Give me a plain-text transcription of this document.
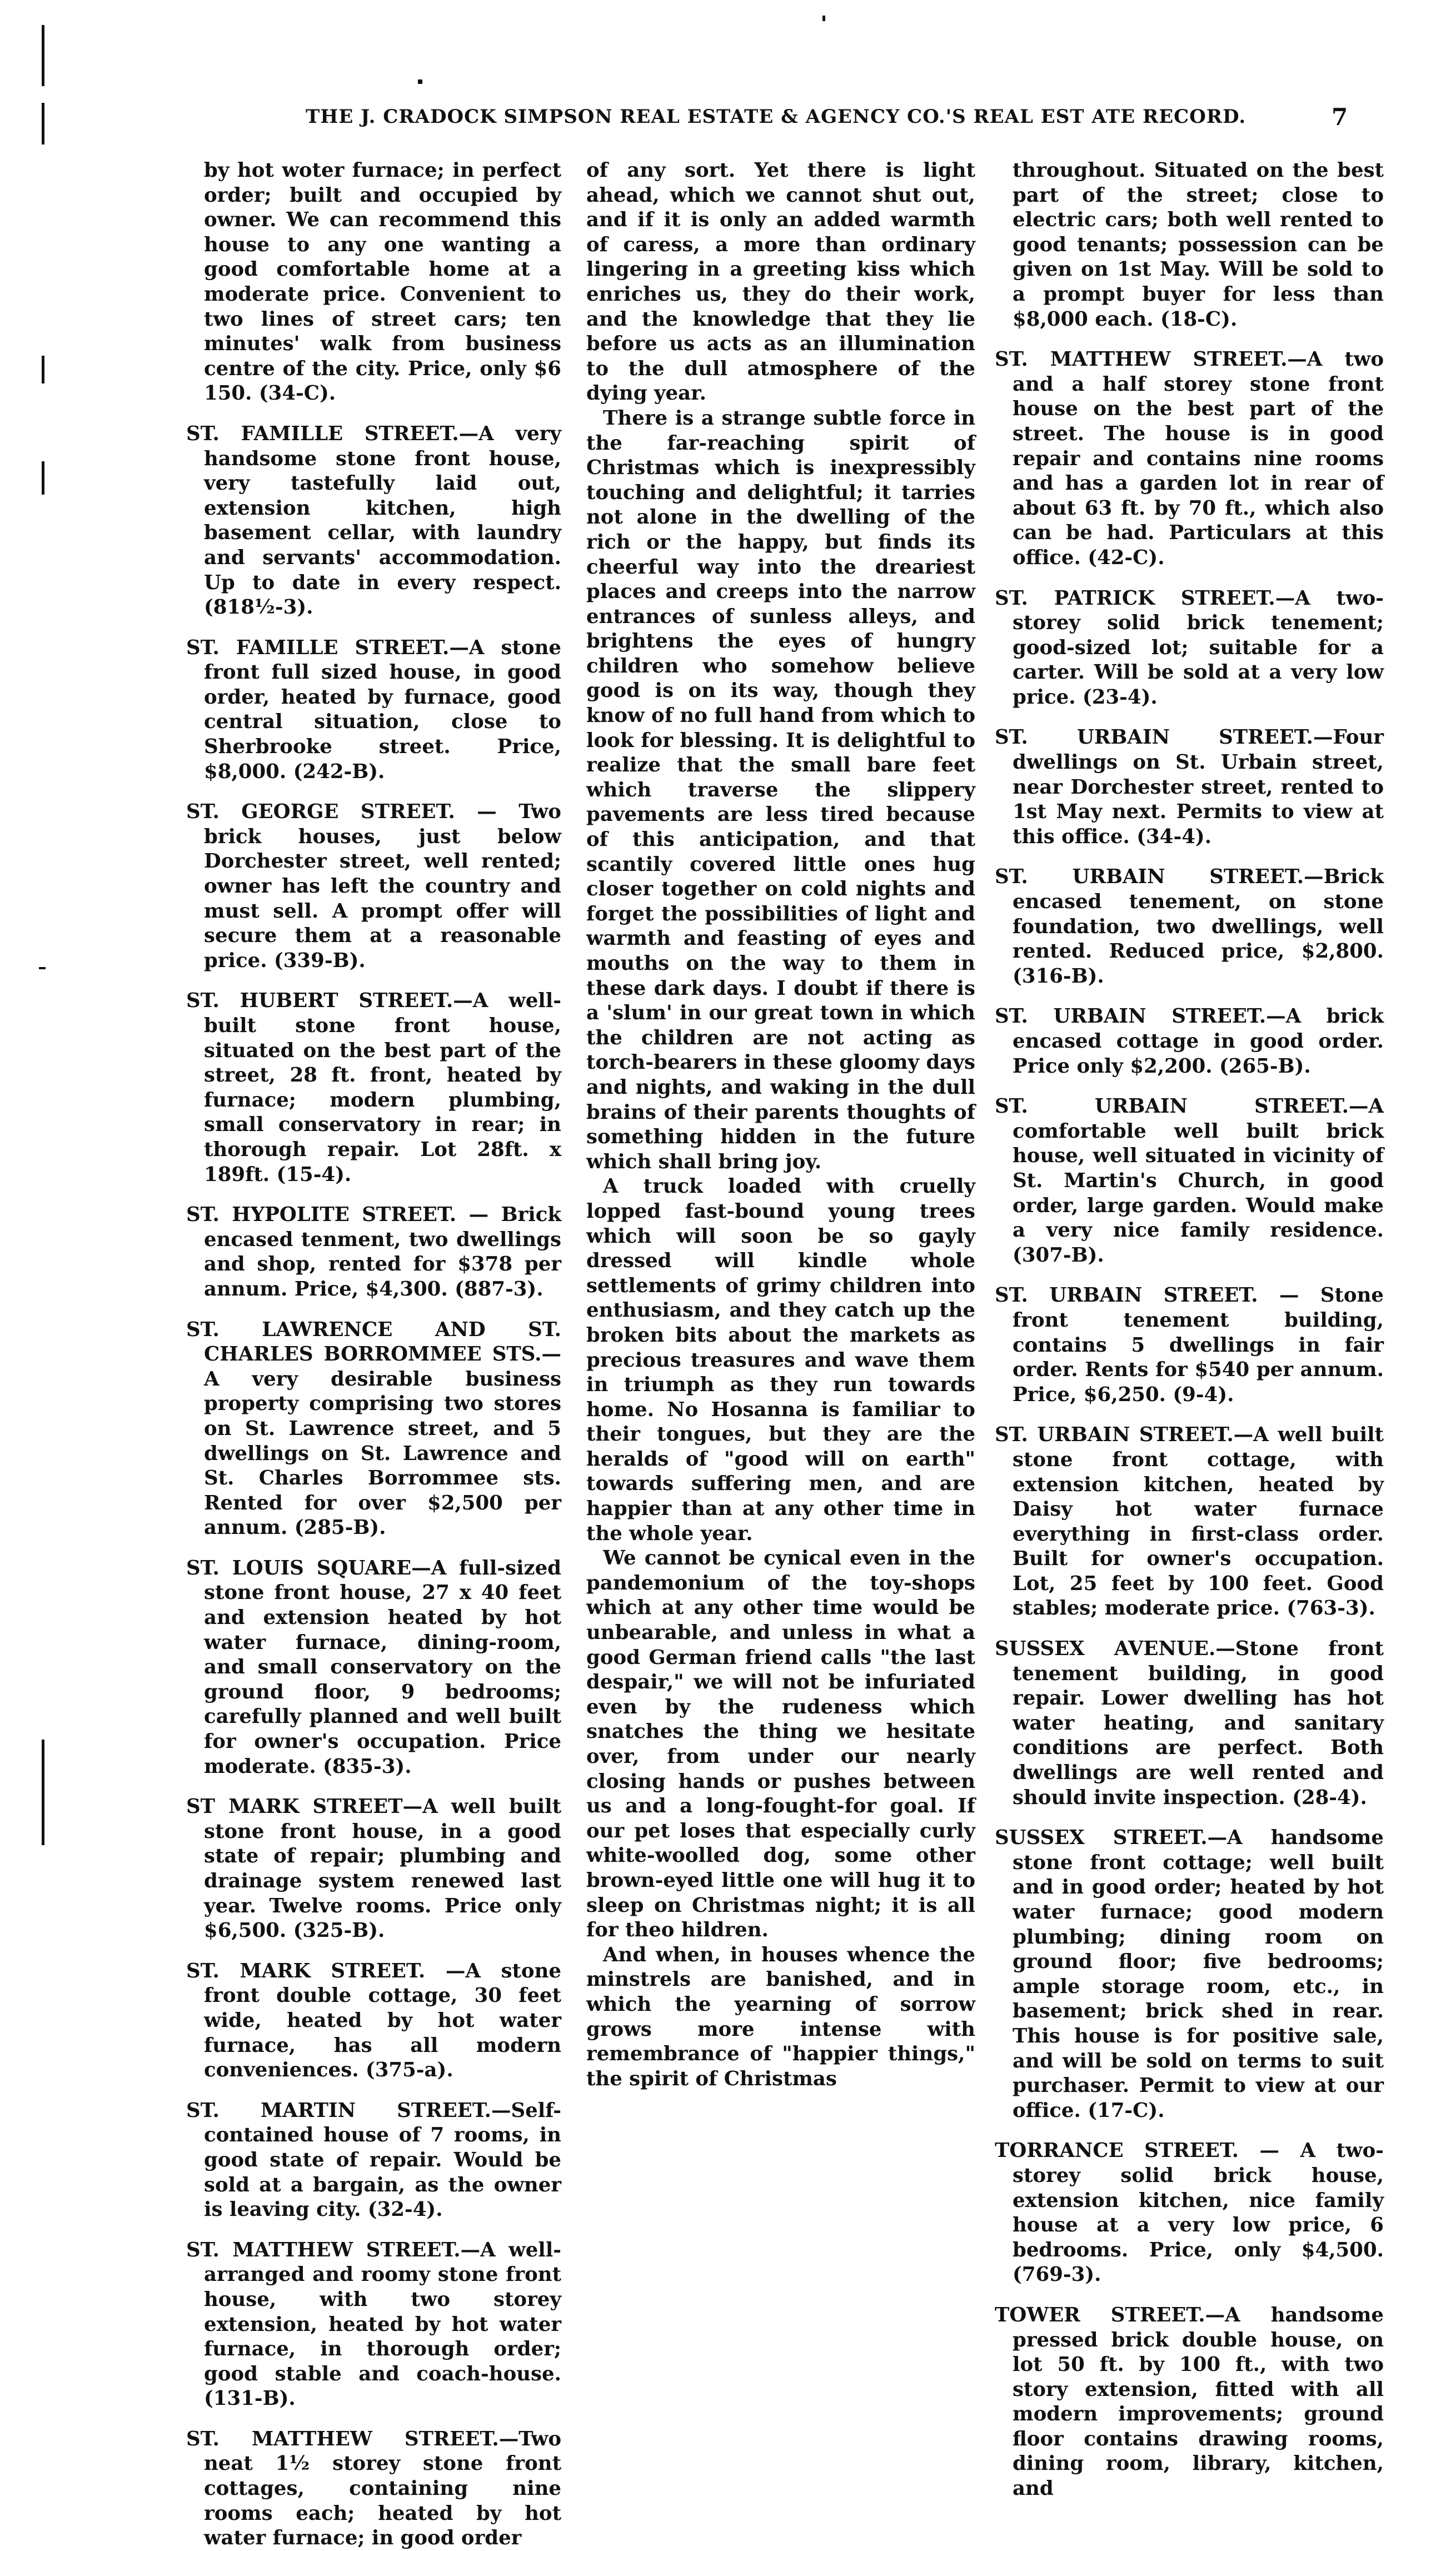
THE J. CRADOCK SIMPSON REAL ESTATE & AGENCY CO.'S REAL EST ATE RECORD.	7

by hot woter furnace; in perfect order; built and occupied by owner. We can recommend this house to any one wanting a good comfortable home at a moderate price. Convenient to two lines of street cars; ten minutes' walk from business centre of the city. Price, only $6 150. (34-C).

ST. FAMILLE STREET.—A very handsome stone front house, very tastefully laid out, extension kitchen, high basement cellar, with laundry and servants' accommodation. Up to date in every respect. (818½-3).

ST. FAMILLE STREET.—A stone front full sized house, in good order, heated by furnace, good central situation, close to Sherbrooke street. Price, $8,000. (242-B).

ST. GEORGE STREET. — Two brick houses, just below Dorchester street, well rented; owner has left the country and must sell. A prompt offer will secure them at a reasonable price. (339-B).

ST. HUBERT STREET.—A well-built stone front house, situated on the best part of the street, 28 ft. front, heated by furnace; modern plumbing, small conservatory in rear; in thorough repair. Lot 28ft. x 189ft. (15-4).

ST. HYPOLITE STREET. — Brick encased tenment, two dwellings and shop, rented for $378 per annum. Price, $4,300. (887-3).

ST. LAWRENCE AND ST. CHARLES BORROMMEE STS.—A very desirable business property comprising two stores on St. Lawrence street, and 5 dwellings on St. Lawrence and St. Charles Borrommee sts. Rented for over $2,500 per annum. (285-B).

ST. LOUIS SQUARE—A full-sized stone front house, 27 x 40 feet and extension heated by hot water furnace, dining-room, and small conservatory on the ground floor, 9 bedrooms; carefully planned and well built for owner's occupation. Price moderate. (835-3).

ST MARK STREET—A well built stone front house, in a good state of repair; plumbing and drainage system renewed last year. Twelve rooms. Price only $6,500. (325-B).

ST. MARK STREET. —A stone front double cottage, 30 feet wide, heated by hot water furnace, has all modern conveniences. (375-a).

ST. MARTIN STREET.—Self-contained house of 7 rooms, in good state of repair. Would be sold at a bargain, as the owner is leaving city. (32-4).

ST. MATTHEW STREET.—A well-arranged and roomy stone front house, with two storey extension, heated by hot water furnace, in thorough order; good stable and coach-house. (131-B).

ST. MATTHEW STREET.—Two neat 1½ storey stone front cottages, containing nine rooms each; heated by hot water furnace; in good order

of any sort. Yet there is light ahead, which we cannot shut out, and if it is only an added warmth of caress, a more than ordinary lingering in a greeting kiss which enriches us, they do their work, and the knowledge that they lie before us acts as an illumination to the dull atmosphere of the dying year.

There is a strange subtle force in the far-reaching spirit of Christmas which is inexpressibly touching and delightful; it tarries not alone in the dwelling of the rich or the happy, but finds its cheerful way into the dreariest places and creeps into the narrow entrances of sunless alleys, and brightens the eyes of hungry children who somehow believe good is on its way, though they know of no full hand from which to look for blessing. It is delightful to realize that the small bare feet which traverse the slippery pavements are less tired because of this anticipation, and that scantily covered little ones hug closer together on cold nights and forget the possibilities of light and warmth and feasting of eyes and mouths on the way to them in these dark days. I doubt if there is a 'slum' in our great town in which the children are not acting as torch-bearers in these gloomy days and nights, and waking in the dull brains of their parents thoughts of something hidden in the future which shall bring joy.

A truck loaded with cruelly lopped fast-bound young trees which will soon be so gayly dressed will kindle whole settlements of grimy children into enthusiasm, and they catch up the broken bits about the markets as precious treasures and wave them in triumph as they run towards home. No Hosanna is familiar to their tongues, but they are the heralds of "good will on earth" towards suffering men, and are happier than at any other time in the whole year.

We cannot be cynical even in the pandemonium of the toy-shops which at any other time would be unbearable, and unless in what a good German friend calls "the last despair," we will not be infuriated even by the rudeness which snatches the thing we hesitate over, from under our nearly closing hands or pushes between us and a long-fought-for goal. If our pet loses that especially curly white-woolled dog, some other brown-eyed little one will hug it to sleep on Christmas night; it is all for theo hildren.

And when, in houses whence the minstrels are banished, and in which the yearning of sorrow grows more intense with remembrance of "happier things," the spirit of Christmas

throughout. Situated on the best part of the street; close to electric cars; both well rented to good tenants; possession can be given on 1st May. Will be sold to a prompt buyer for less than $8,000 each. (18-C).

ST. MATTHEW STREET.—A two and a half storey stone front house on the best part of the street. The house is in good repair and contains nine rooms and has a garden lot in rear of about 63 ft. by 70 ft., which also can be had. Particulars at this office. (42-C).

ST. PATRICK STREET.—A two-storey solid brick tenement; good-sized lot; suitable for a carter. Will be sold at a very low price. (23-4).

ST. URBAIN STREET.—Four dwellings on St. Urbain street, near Dorchester street, rented to 1st May next. Permits to view at this office. (34-4).

ST. URBAIN STREET.—Brick encased tenement, on stone foundation, two dwellings, well rented. Reduced price, $2,800. (316-B).

ST. URBAIN STREET.—A brick encased cottage in good order. Price only $2,200. (265-B).

ST. URBAIN STREET.—A comfortable well built brick house, well situated in vicinity of St. Martin's Church, in good order, large garden. Would make a very nice family residence. (307-B).

ST. URBAIN STREET. — Stone front tenement building, contains 5 dwellings in fair order. Rents for $540 per annum. Price, $6,250. (9-4).

ST. URBAIN STREET.—A well built stone front cottage, with extension kitchen, heated by Daisy hot water furnace everything in first-class order. Built for owner's occupation. Lot, 25 feet by 100 feet. Good stables; moderate price. (763-3).

SUSSEX AVENUE.—Stone front tenement building, in good repair. Lower dwelling has hot water heating, and sanitary conditions are perfect. Both dwellings are well rented and should invite inspection. (28-4).

SUSSEX STREET.—A handsome stone front cottage; well built and in good order; heated by hot water furnace; good modern plumbing; dining room on ground floor; five bedrooms; ample storage room, etc., in basement; brick shed in rear. This house is for positive sale, and will be sold on terms to suit purchaser. Permit to view at our office. (17-C).

TORRANCE STREET. — A two-storey solid brick house, extension kitchen, nice family house at a very low price, 6 bedrooms. Price, only $4,500. (769-3).

TOWER STREET.—A handsome pressed brick double house, on lot 50 ft. by 100 ft., with two story extension, fitted with all modern improvements; ground floor contains drawing rooms, dining room, library, kitchen, and
